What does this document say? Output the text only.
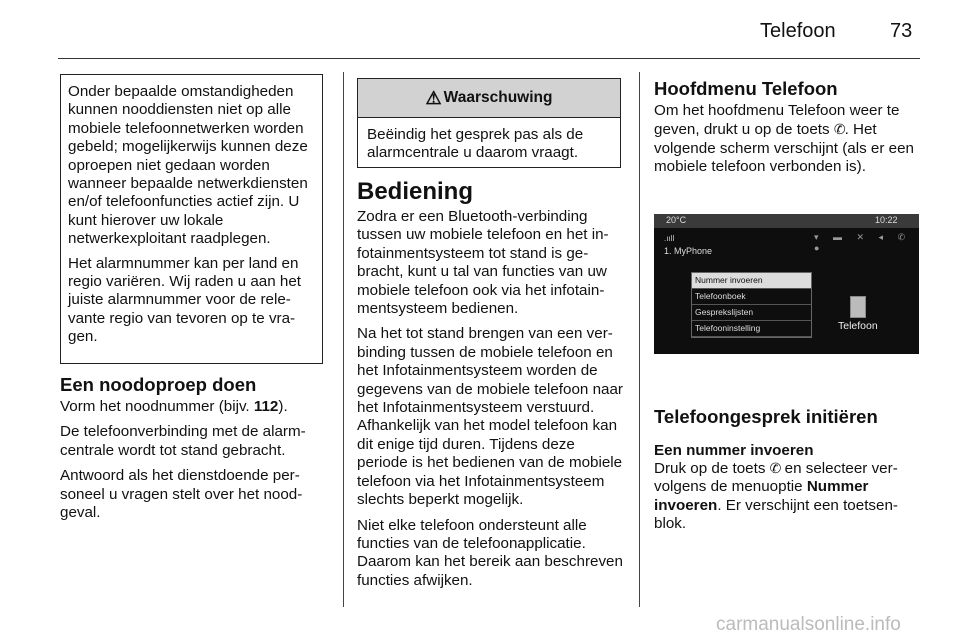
Telefoon	73

Onder bepaalde omstandigheden kunnen nooddiensten niet op alle mobiele telefoonnetwerken worden gebeld; mogelijkerwijs kunnen deze oproepen niet gedaan worden wanneer bepaalde netwerkdiensten en/of telefoonfuncties actief zijn. U kunt hierover uw lokale netwerkexploitant raadplegen.

Het alarmnummer kan per land en regio variëren. Wij raden u aan het juiste alarmnummer voor de relevante regio van tevoren op te vragen.

Een noodoproep doen

Vorm het noodnummer (bijv. 112).

De telefoonverbinding met de alarmcentrale wordt tot stand gebracht.

Antwoord als het dienstdoende personeel u vragen stelt over het noodgeval.

⚠ Waarschuwing

Beëindig het gesprek pas als de alarmcentrale u daarom vraagt.

Bediening

Zodra er een Bluetooth-verbinding tussen uw mobiele telefoon en het infotainmentsysteem tot stand is gebracht, kunt u tal van functies van uw mobiele telefoon ook via het infotainmentsysteem bedienen.

Na het tot stand brengen van een verbinding tussen de mobiele telefoon en het Infotainmentsysteem worden de gegevens van de mobiele telefoon naar het Infotainmentsysteem verstuurd. Afhankelijk van het model telefoon kan dit enige tijd duren. Tijdens deze periode is het bedienen van de mobiele telefoon via het Infotainmentsysteem slechts beperkt mogelijk.

Niet elke telefoon ondersteunt alle functies van de telefoonapplicatie. Daarom kan het bereik aan beschreven functies afwijken.

Hoofdmenu Telefoon

Om het hoofdmenu Telefoon weer te geven, drukt u op de toets ✆. Het volgende scherm verschijnt (als er een mobiele telefoon verbonden is).

20°C	10:22
.ııll	▾ ▬ ✕ ◂ ✆ ●
1. MyPhone
Nummer invoeren
Telefoonboek
Gesprekslijsten
Telefooninstelling	Telefoon
Telefoongesprek initiëren
Een nummer invoeren

Druk op de toets ✆ en selecteer vervolgens de menuoptie Nummer invoeren. Er verschijnt een toetsenblok.

carmanualsonline.info
